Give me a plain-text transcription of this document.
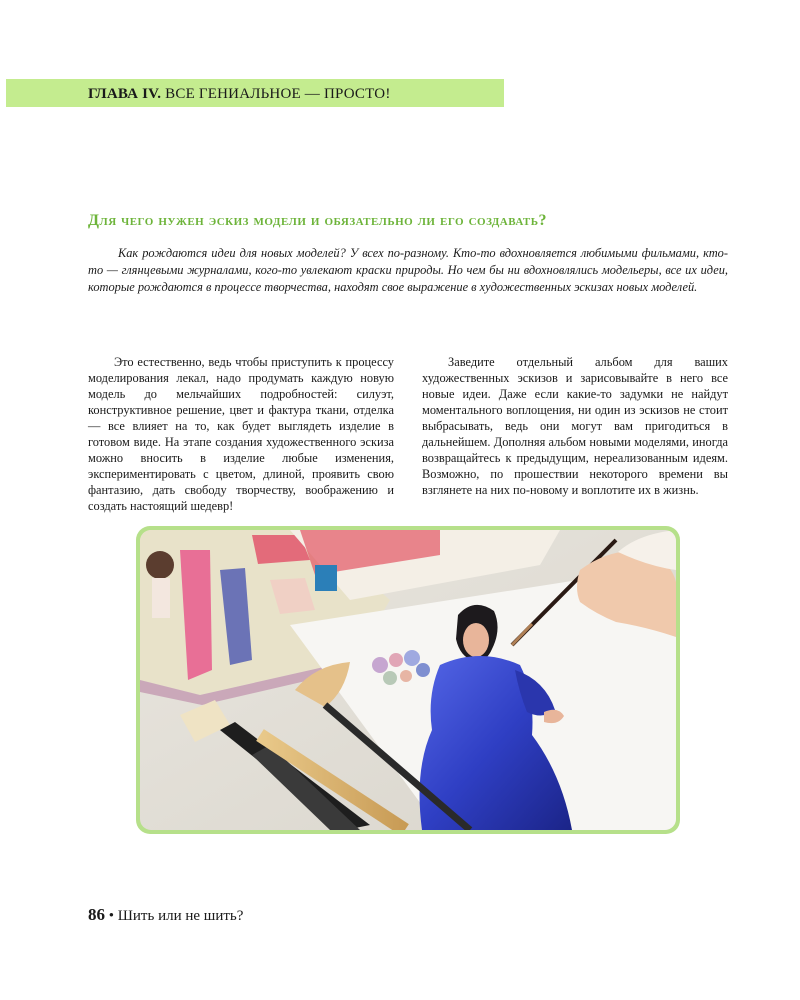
ГЛАВА IV. ВСЕ ГЕНИАЛЬНОЕ — ПРОСТО!
Для чего нужен эскиз модели и обязательно ли его создавать?

Как рождаются идеи для новых моделей? У всех по-разному. Кто-то вдохновляется любимыми фильмами, кто-то — глянцевыми журналами, кого-то увлекают краски природы. Но чем бы ни вдохновлялись модельеры, все их идеи, которые рождаются в процессе творчества, находят свое выражение в художественных эскизах новых моделей.

Это естественно, ведь чтобы приступить к процессу моделирования лекал, надо продумать каждую новую модель до мельчайших подробностей: силуэт, конструктивное решение, цвет и фактура ткани, отделка — все влияет на то, как будет выглядеть изделие в готовом виде. На этапе создания художественного эскиза можно вносить в изделие любые изменения, экспериментировать с цветом, длиной, проявить свою фантазию, дать свободу творчеству, воображению и создать настоящий шедевр!

Заведите отдельный альбом для ваших художественных эскизов и зарисовывайте в него все новые идеи. Даже если какие-то задумки не найдут моментального воплощения, ни один из эскизов не стоит выбрасывать, ведь они могут вам пригодиться в дальнейшем. Дополняя альбом новыми моделями, иногда возвращайтесь к предыдущим, нереализованным идеям. Возможно, по прошествии некоторого времени вы взглянете на них по-новому и воплотите их в жизнь.

86 • Шить или не шить?
